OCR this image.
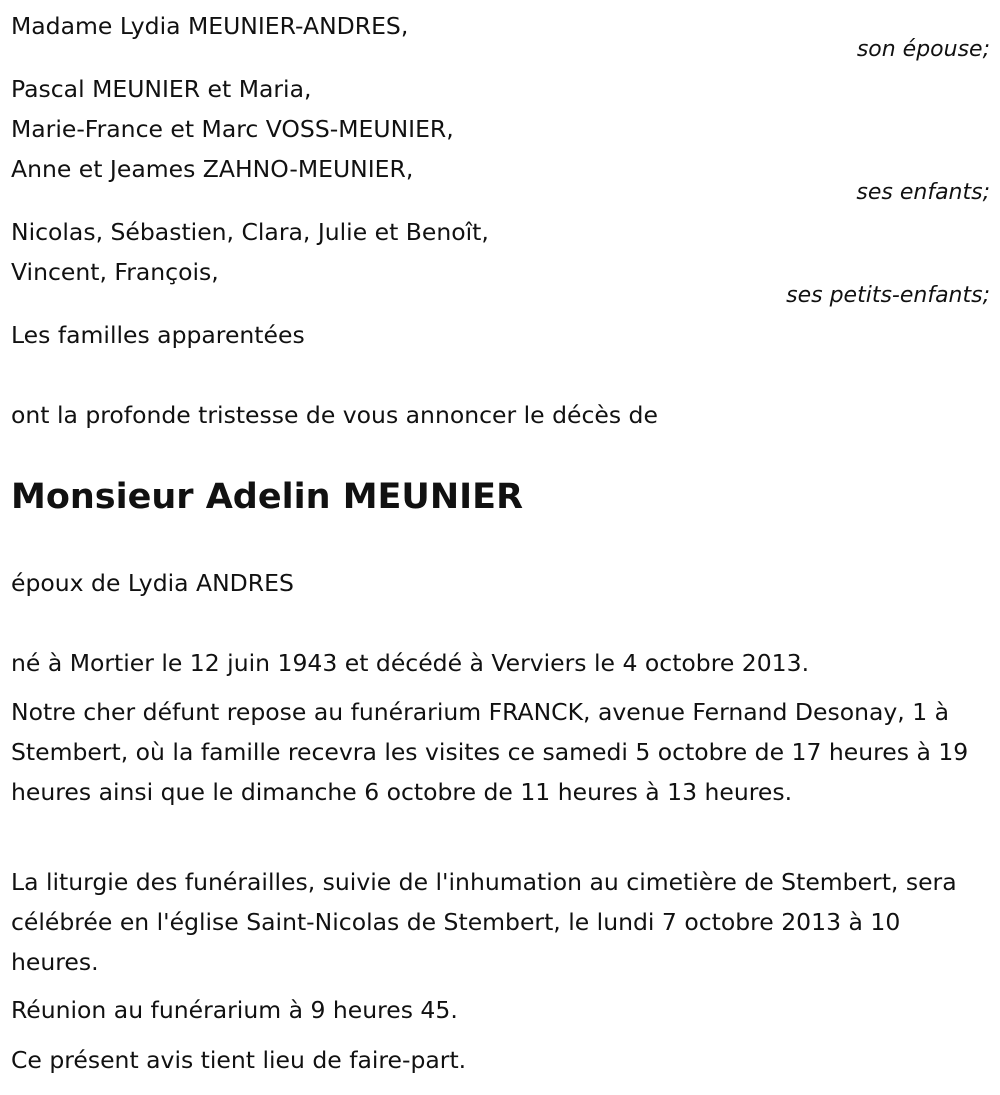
Madame Lydia MEUNIER-ANDRES,
son épouse;
Pascal MEUNIER et Maria,
Marie-France et Marc VOSS-MEUNIER,
Anne et Jeames ZAHNO-MEUNIER,
ses enfants;
Nicolas, Sébastien, Clara, Julie et Benoît,
Vincent, François,
ses petits-enfants;
Les familles apparentées
ont la profonde tristesse de vous annoncer le décès de
Monsieur Adelin MEUNIER
époux de Lydia ANDRES
né à Mortier le 12 juin 1943 et décédé à Verviers le 4 octobre 2013.
Notre cher défunt repose au funérarium FRANCK, avenue Fernand Desonay, 1 à Stembert, où la famille recevra les visites ce samedi 5 octobre de 17 heures à 19 heures ainsi que le dimanche 6 octobre de 11 heures à 13 heures.
La liturgie des funérailles, suivie de l'inhumation au cimetière de Stembert, sera célébrée en l'église Saint-Nicolas de Stembert, le lundi 7 octobre 2013 à 10 heures.
Réunion au funérarium à 9 heures 45.
Ce présent avis tient lieu de faire-part.
